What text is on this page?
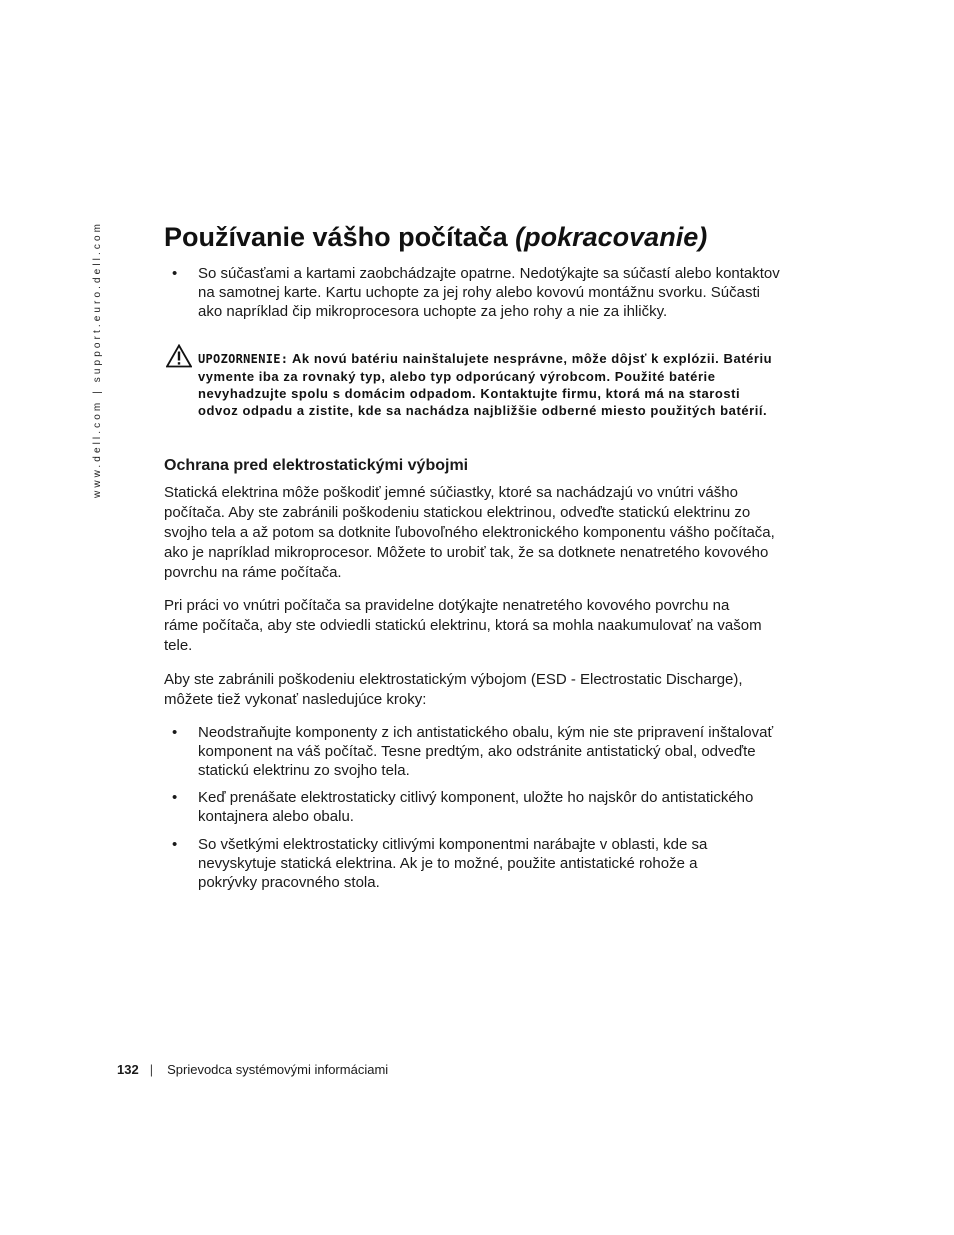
www.dell.com | support.euro.dell.com Používanie vášho počítača (pokracovanie)
• So súčasťami a kartami zaobchádzajte opatrne. Nedotýkajte sa súčastí alebo kontaktov na samotnej karte. Kartu uchopte za jej rohy alebo kovovú montážnu svorku. Súčasti ako napríklad čip mikroprocesora uchopte za jeho rohy a nie za ihličky.
UPOZORNENIE: Ak novú batériu nainštalujete nesprávne, môže dôjsť k explózii. Batériu vymente iba za rovnaký typ, alebo typ odporúcaný výrobcom. Použité batérie nevyhadzujte spolu s domácim odpadom. Kontaktujte firmu, ktorá má na starosti odvoz odpadu a zistite, kde sa nachádza najbližšie odberné miesto použitých batérií.
Ochrana pred elektrostatickými výbojmi

Statická elektrina môže poškodiť jemné súčiastky, ktoré sa nachádzajú vo vnútri vášho počítača. Aby ste zabránili poškodeniu statickou elektrinou, odveďte statickú elektrinu zo svojho tela a až potom sa dotknite ľubovoľného elektronického komponentu vášho počítača, ako je napríklad mikroprocesor. Môžete to urobiť tak, že sa dotknete nenatretého kovového povrchu na ráme počítača.

Pri práci vo vnútri počítača sa pravidelne dotýkajte nenatretého kovového povrchu na ráme počítača, aby ste odviedli statickú elektrinu, ktorá sa mohla naakumulovať na vašom tele.

Aby ste zabránili poškodeniu elektrostatickým výbojom (ESD - Electrostatic Discharge), môžete tiež vykonať nasledujúce kroky:

• Neodstraňujte komponenty z ich antistatického obalu, kým nie ste pripravení inštalovať komponent na váš počítač. Tesne predtým, ako odstránite antistatický obal, odveďte statickú elektrinu zo svojho tela.
• Keď prenášate elektrostaticky citlivý komponent, uložte ho najskôr do antistatického kontajnera alebo obalu.
• So všetkými elektrostaticky citlivými komponentmi narábajte v oblasti, kde sa nevyskytuje statická elektrina. Ak je to možné, použite antistatické rohože a pokrývky pracovného stola.
132 | Sprievodca systémovými informáciami
